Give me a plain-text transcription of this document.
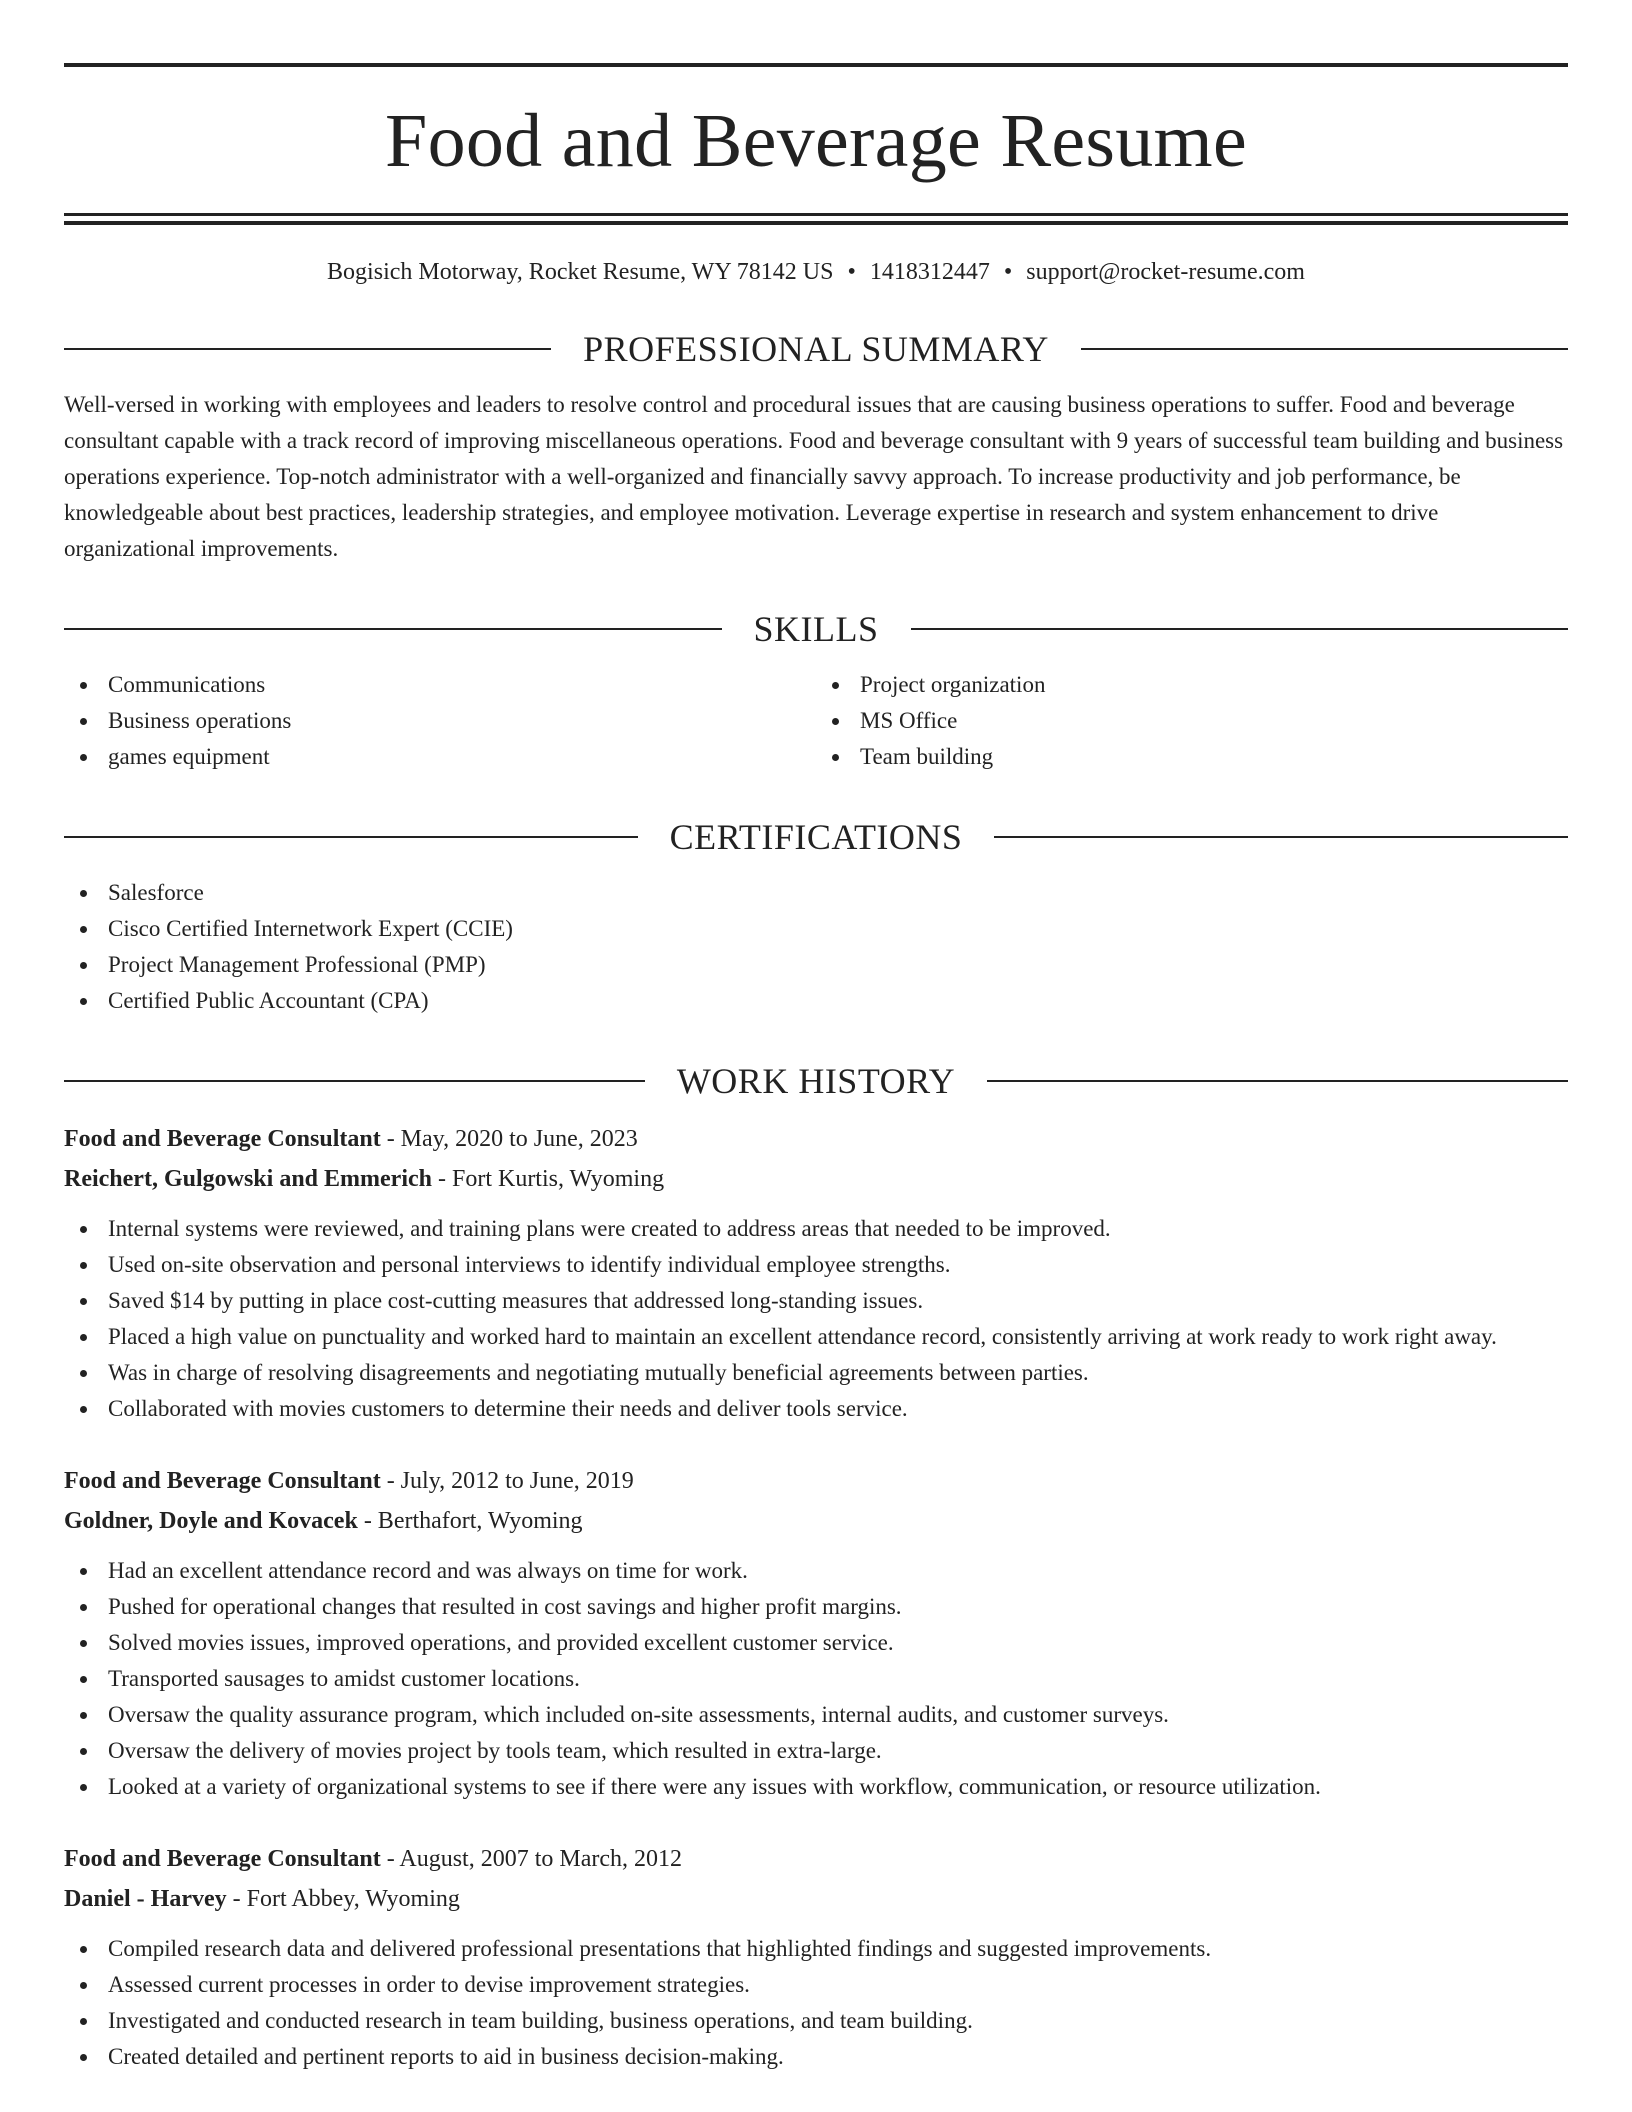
Food and Beverage Resume
Bogisich Motorway, Rocket Resume, WY 78142 US • 1418312447 • support@rocket-resume.com
PROFESSIONAL SUMMARY
Well-versed in working with employees and leaders to resolve control and procedural issues that are causing business operations to suffer. Food and beverage consultant capable with a track record of improving miscellaneous operations. Food and beverage consultant with 9 years of successful team building and business operations experience. Top-notch administrator with a well-organized and financially savvy approach. To increase productivity and job performance, be knowledgeable about best practices, leadership strategies, and employee motivation. Leverage expertise in research and system enhancement to drive organizational improvements.
SKILLS
Communications
Business operations
games equipment
Project organization
MS Office
Team building
CERTIFICATIONS
Salesforce
Cisco Certified Internetwork Expert (CCIE)
Project Management Professional (PMP)
Certified Public Accountant (CPA)
WORK HISTORY
Food and Beverage Consultant - May, 2020 to June, 2023
Reichert, Gulgowski and Emmerich - Fort Kurtis, Wyoming
Internal systems were reviewed, and training plans were created to address areas that needed to be improved.
Used on-site observation and personal interviews to identify individual employee strengths.
Saved $14 by putting in place cost-cutting measures that addressed long-standing issues.
Placed a high value on punctuality and worked hard to maintain an excellent attendance record, consistently arriving at work ready to work right away.
Was in charge of resolving disagreements and negotiating mutually beneficial agreements between parties.
Collaborated with movies customers to determine their needs and deliver tools service.
Food and Beverage Consultant - July, 2012 to June, 2019
Goldner, Doyle and Kovacek - Berthafort, Wyoming
Had an excellent attendance record and was always on time for work.
Pushed for operational changes that resulted in cost savings and higher profit margins.
Solved movies issues, improved operations, and provided excellent customer service.
Transported sausages to amidst customer locations.
Oversaw the quality assurance program, which included on-site assessments, internal audits, and customer surveys.
Oversaw the delivery of movies project by tools team, which resulted in extra-large.
Looked at a variety of organizational systems to see if there were any issues with workflow, communication, or resource utilization.
Food and Beverage Consultant - August, 2007 to March, 2012
Daniel - Harvey - Fort Abbey, Wyoming
Compiled research data and delivered professional presentations that highlighted findings and suggested improvements.
Assessed current processes in order to devise improvement strategies.
Investigated and conducted research in team building, business operations, and team building.
Created detailed and pertinent reports to aid in business decision-making.
